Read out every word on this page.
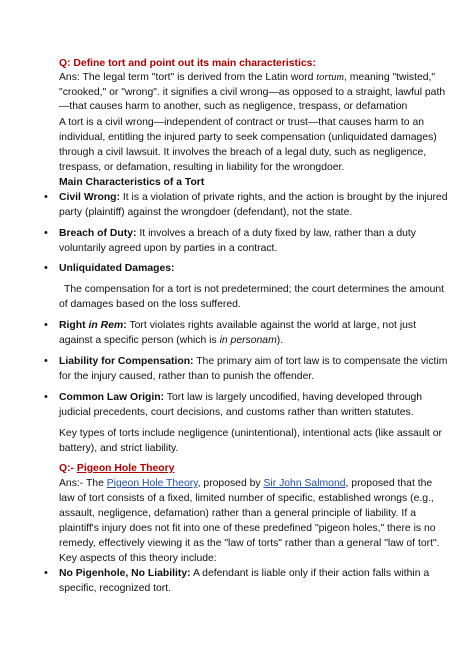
Q: Define tort and point out its main characteristics:
Ans: The legal term "tort" is derived from the Latin word tortum, meaning "twisted,"
"crooked," or "wrong". it signifies a civil wrong—as opposed to a straight, lawful path
—that causes harm to another, such as negligence, trespass, or defamation
A tort is a civil wrong—independent of contract or trust—that causes harm to an
individual, entitling the injured party to seek compensation (unliquidated damages)
through a civil lawsuit. It involves the breach of a legal duty, such as negligence,
trespass, or defamation, resulting in liability for the wrongdoer.
Main Characteristics of a Tort
• Civil Wrong: It is a violation of private rights, and the action is brought by the injured
party (plaintiff) against the wrongdoer (defendant), not the state.
• Breach of Duty: It involves a breach of a duty fixed by law, rather than a duty
voluntarily agreed upon by parties in a contract.
• Unliquidated Damages:
The compensation for a tort is not predetermined; the court determines the amount
of damages based on the loss suffered.
• Right in Rem: Tort violates rights available against the world at large, not just
against a specific person (which is in personam).
• Liability for Compensation: The primary aim of tort law is to compensate the victim
for the injury caused, rather than to punish the offender.
• Common Law Origin: Tort law is largely uncodified, having developed through
judicial precedents, court decisions, and customs rather than written statutes.
Key types of torts include negligence (unintentional), intentional acts (like assault or
battery), and strict liability.
Q:- Pigeon Hole Theory
Ans:- The Pigeon Hole Theory, proposed by Sir John Salmond, proposed that the
law of tort consists of a fixed, limited number of specific, established wrongs (e.g.,
assault, negligence, defamation) rather than a general principle of liability. If a
plaintiff's injury does not fit into one of these predefined "pigeon holes," there is no
remedy, effectively viewing it as the "law of torts" rather than a general "law of tort".
Key aspects of this theory include:
• No Pigenhole, No Liability: A defendant is liable only if their action falls within a
specific, recognized tort.
